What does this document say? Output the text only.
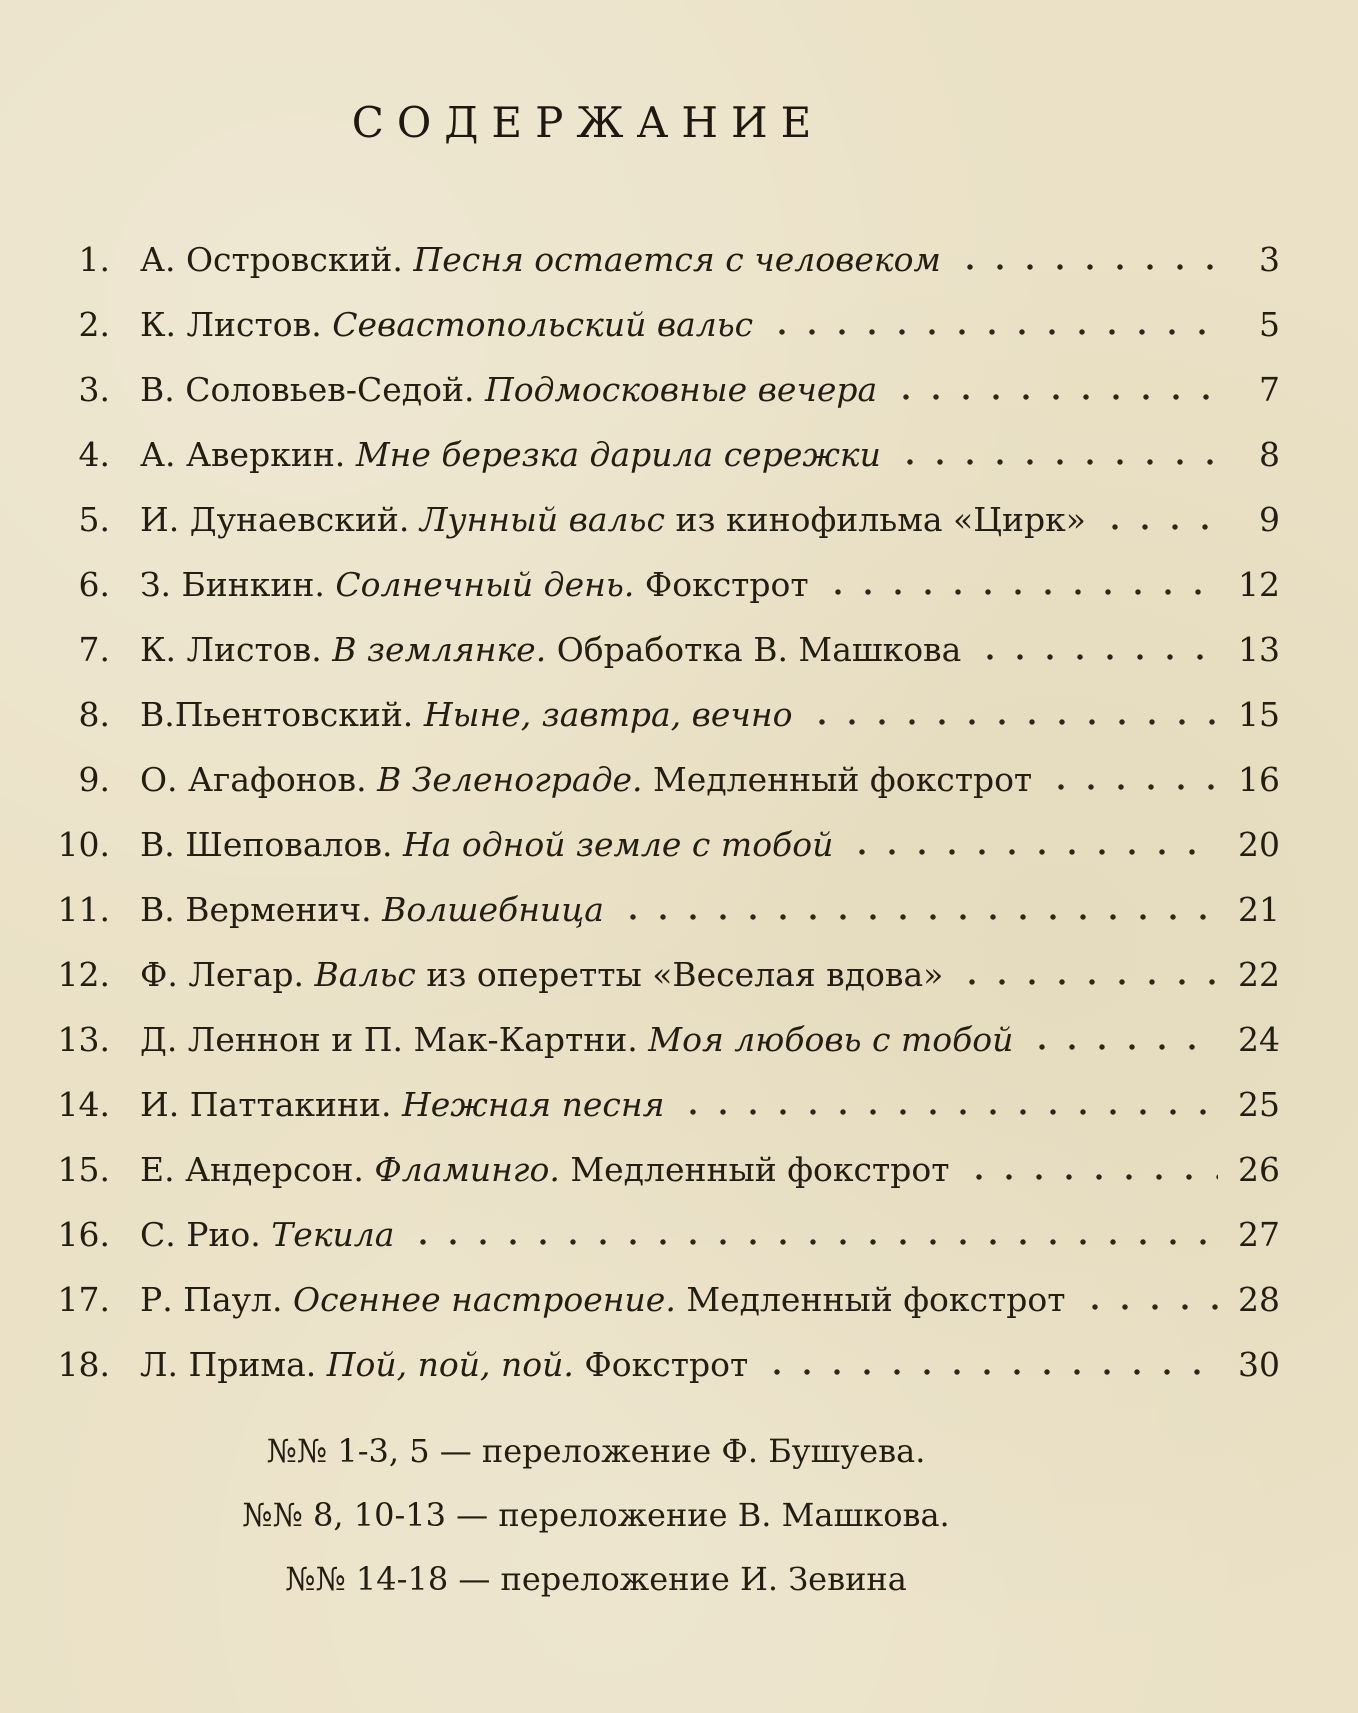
СОДЕРЖАНИЕ
1. А. Островский. Песня остается с человеком	3
2. К. Листов. Севастопольский вальс	5
3. В. Соловьев-Седой. Подмосковные вечера	7
4. А. Аверкин. Мне березка дарила сережки	8
5. И. Дунаевский. Лунный вальс из кинофильма «Цирк»	9
6. З. Бинкин. Солнечный день. Фокстрот	12
7. К. Листов. В землянке. Обработка В. Машкова	13
8. В.Пьентовский. Ныне, завтра, вечно	15
9. О. Агафонов. В Зеленограде. Медленный фокстрот	16
10. В. Шеповалов. На одной земле с тобой	20
11. В. Верменич. Волшебница	21
12. Ф. Легар. Вальс из оперетты «Веселая вдова»	22
13. Д. Леннон и П. Мак-Картни. Моя любовь с тобой	24
14. И. Паттакини. Нежная песня	25
15. Е. Андерсон. Фламинго. Медленный фокстрот	26
16. С. Рио. Текила	27
17. Р. Паул. Осеннее настроение. Медленный фокстрот	28
18. Л. Прима. Пой, пой, пой. Фокстрот	30
№№ 1-3, 5 — переложение Ф. Бушуева.
№№ 8, 10-13 — переложение В. Машкова.
№№ 14-18 — переложение И. Зевина
